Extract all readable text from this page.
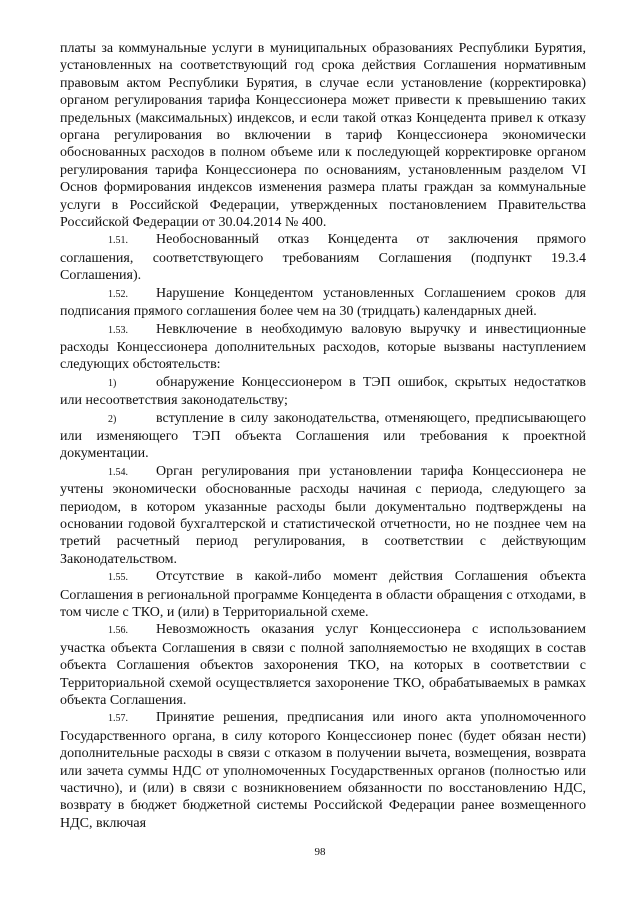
платы за коммунальные услуги в муниципальных образованиях Республики Бурятия, установленных на соответствующий год срока действия Соглашения нормативным правовым актом Республики Бурятия, в случае если установление (корректировка) органом регулирования тарифа Концессионера может привести к превышению таких предельных (максимальных) индексов, и если такой отказ Концедента привел к отказу органа регулирования во включении в тариф Концессионера экономически обоснованных расходов в полном объеме или к последующей корректировке органом регулирования тарифа Концессионера по основаниям, установленным разделом VI Основ формирования индексов изменения размера платы граждан за коммунальные услуги в Российской Федерации, утвержденных постановлением Правительства Российской Федерации от 30.04.2014 № 400.

1.51. Необоснованный отказ Концедента от заключения прямого соглашения, соответствующего требованиям Соглашения (подпункт 19.3.4 Соглашения).

1.52. Нарушение Концедентом установленных Соглашением сроков для подписания прямого соглашения более чем на 30 (тридцать) календарных дней.

1.53. Невключение в необходимую валовую выручку и инвестиционные расходы Концессионера дополнительных расходов, которые вызваны наступлением следующих обстоятельств:

1)	обнаружение Концессионером в ТЭП ошибок, скрытых недостатков или несоответствия законодательству;

2)	вступление в силу законодательства, отменяющего, предписывающего или изменяющего ТЭП объекта Соглашения или требования к проектной документации.

1.54. Орган регулирования при установлении тарифа Концессионера не учтены экономически обоснованные расходы начиная с периода, следующего за периодом, в котором указанные расходы были документально подтверждены на основании годовой бухгалтерской и статистической отчетности, но не позднее чем на третий расчетный период регулирования, в соответствии с действующим Законодательством.

1.55. Отсутствие в какой-либо момент действия Соглашения объекта Соглашения в региональной программе Концедента в области обращения с отходами, в том числе с ТКО, и (или) в Территориальной схеме.

1.56. Невозможность оказания услуг Концессионера с использованием участка объекта Соглашения в связи с полной заполняемостью не входящих в состав объекта Соглашения объектов захоронения ТКО, на которых в соответствии с Территориальной схемой осуществляется захоронение ТКО, обрабатываемых в рамках объекта Соглашения.

1.57. Принятие решения, предписания или иного акта уполномоченного Государственного органа, в силу которого Концессионер понес (будет обязан нести) дополнительные расходы в связи с отказом в получении вычета, возмещения, возврата или зачета суммы НДС от уполномоченных Государственных органов (полностью или частично), и (или) в связи с возникновением обязанности по восстановлению НДС, возврату в бюджет бюджетной системы Российской Федерации ранее возмещенного НДС, включая

98
